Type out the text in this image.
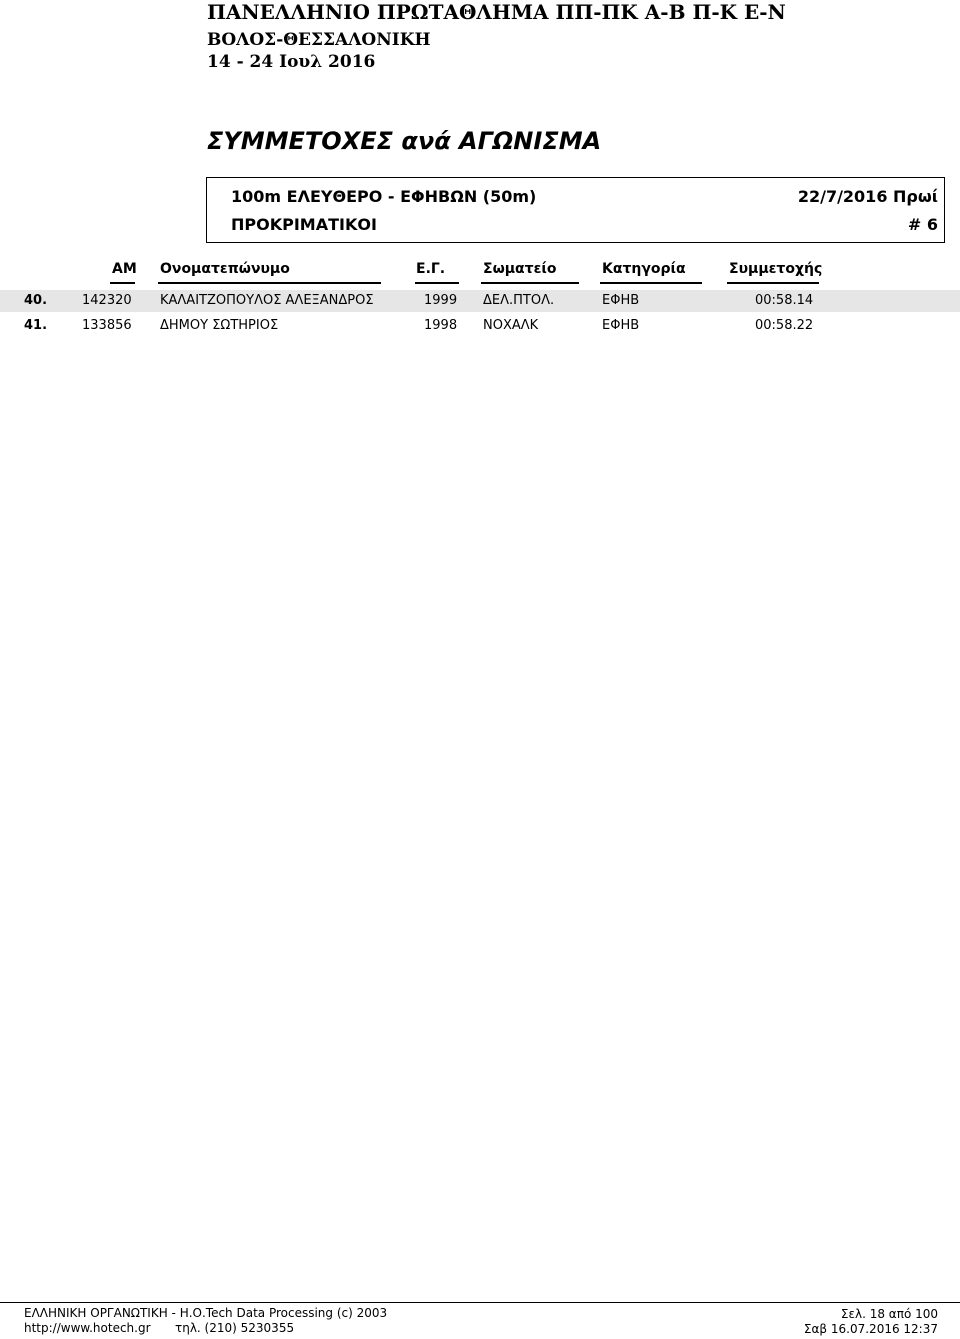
ΠΑΝΕΛΛΗΝΙΟ ΠΡΩΤΑΘΛΗΜΑ ΠΠ-ΠΚ Α-Β Π-Κ Ε-Ν
ΒΟΛΟΣ-ΘΕΣΣΑΛΟΝΙΚΗ
14 - 24 Ιουλ 2016
ΣΥΜΜΕΤΟΧΕΣ ανά ΑΓΩΝΙΣΜΑ
100m ΕΛΕΥΘΕΡΟ - ΕΦΗΒΩΝ (50m)
ΠΡΟΚΡΙΜΑΤΙΚΟΙ
22/7/2016 Πρωί
# 6
ΑΜ Ονοματεπώνυμο	Ε.Γ.	Σωματείο	Κατηγορία	Συμμετοχής
40.	142320 ΚΑΛΑΙΤΖΟΠΟΥΛΟΣ ΑΛΕΞΑΝΔΡΟΣ	1999 ΔΕΛ.ΠΤΟΛ.	ΕΦΗΒ	00:58.14
41.	133856 ΔΗΜΟΥ ΣΩΤΗΡΙΟΣ	1998 ΝΟΧΑΛΚ	ΕΦΗΒ	00:58.22
ΕΛΛΗΝΙΚΗ ΟΡΓΑΝΩΤΙΚΗ - Η.Ο.Tech Data Processing (c) 2003
http://www.hotech.gr τηλ. (210) 5230355
Σελ. 18 από 100
Σαβ 16.07.2016 12:37
